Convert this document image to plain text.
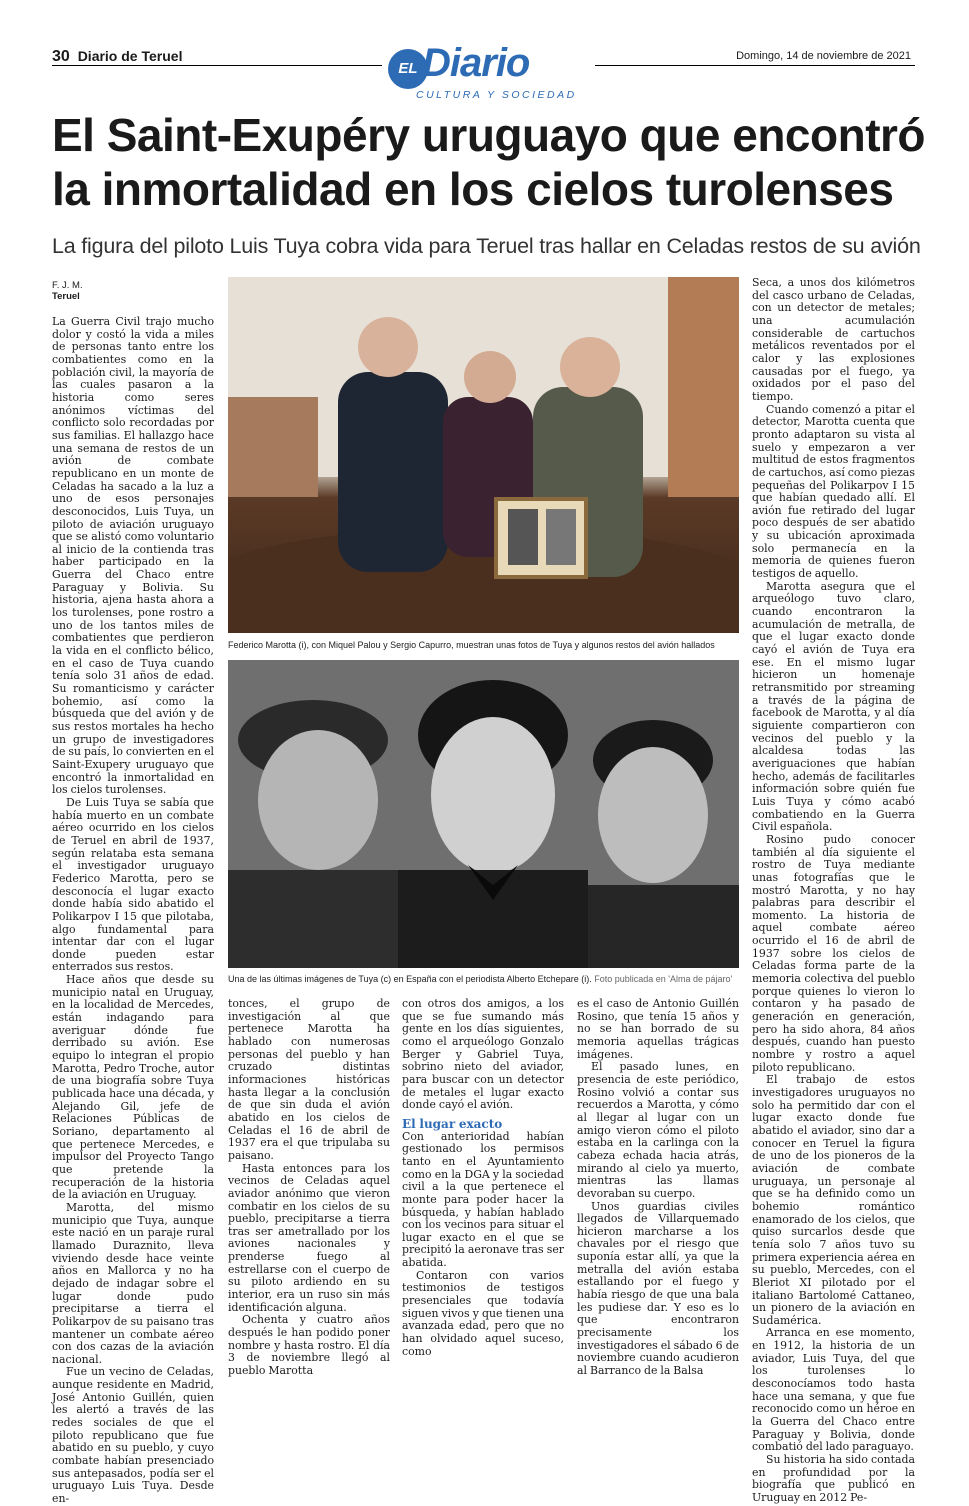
30 Diario de Teruel	Domingo, 14 de noviembre de 2021
EL Diario
CULTURA Y SOCIEDAD
El Saint-Exupéry uruguayo que encontró la inmortalidad en los cielos turolenses
La figura del piloto Luis Tuya cobra vida para Teruel tras hallar en Celadas restos de su avión
F. J. M.
Teruel

La Guerra Civil trajo mucho dolor y costó la vida a miles de personas tanto entre los combatientes como en la población civil, la mayoría de las cuales pasaron a la historia como seres anónimos víctimas del conflicto solo recordadas por sus familias. El hallazgo hace una semana de restos de un avión de combate republicano en un monte de Celadas ha sacado a la luz a uno de esos personajes desconocidos, Luis Tuya, un piloto de aviación uruguayo que se alistó como voluntario al inicio de la contienda tras haber participado en la Guerra del Chaco entre Paraguay y Bolivia. Su historia, ajena hasta ahora a los turolenses, pone rostro a uno de los tantos miles de combatientes que perdieron la vida en el conflicto bélico, en el caso de Tuya cuando tenía solo 31 años de edad. Su romanticismo y carácter bohemio, así como la búsqueda que del avión y de sus restos mortales ha hecho un grupo de investigadores de su país, lo convierten en el Saint-Exupery uruguayo que encontró la inmortalidad en los cielos turolenses.

De Luis Tuya se sabía que había muerto en un combate aéreo ocurrido en los cielos de Teruel en abril de 1937, según relataba esta semana el investigador uruguayo Federico Marotta, pero se desconocía el lugar exacto donde había sido abatido el Polikarpov I 15 que pilotaba, algo fundamental para intentar dar con el lugar donde pueden estar enterrados sus restos.

Hace años que desde su municipio natal en Uruguay, en la localidad de Mercedes, están indagando para averiguar dónde fue derribado su avión. Ese equipo lo integran el propio Marotta, Pedro Troche, autor de una biografía sobre Tuya publicada hace una década, y Alejando Gil, jefe de Relaciones Públicas de Soriano, departamento al que pertenece Mercedes, e impulsor del Proyecto Tango que pretende la recuperación de la historia de la aviación en Uruguay.

Marotta, del mismo municipio que Tuya, aunque este nació en un paraje rural llamado Duraznito, lleva viviendo desde hace veinte años en Mallorca y no ha dejado de indagar sobre el lugar donde pudo precipitarse a tierra el Polikarpov de su paisano tras mantener un combate aéreo con dos cazas de la aviación nacional.

Fue un vecino de Celadas, aunque residente en Madrid, José Antonio Guillén, quien les alertó a través de las redes sociales de que el piloto republicano que fue abatido en su pueblo, y cuyo combate habían presenciado sus antepasados, podía ser el uruguayo Luis Tuya. Desde en-

Federico Marotta (i), con Miquel Palou y Sergio Capurro, muestran unas fotos de Tuya y algunos restos del avión hallados
Una de las últimas imágenes de Tuya (c) en España con el periodista Alberto Etchepare (i). Foto publicada en 'Alma de pájaro'

tonces, el grupo de investigación al que pertenece Marotta ha hablado con numerosas personas del pueblo y han cruzado distintas informaciones históricas hasta llegar a la conclusión de que sin duda el avión abatido en los cielos de Celadas el 16 de abril de 1937 era el que tripulaba su paisano.

Hasta entonces para los vecinos de Celadas aquel aviador anónimo que vieron combatir en los cielos de su pueblo, precipitarse a tierra tras ser ametrallado por los aviones nacionales y prenderse fuego al estrellarse con el cuerpo de su piloto ardiendo en su interior, era un ruso sin más identificación alguna.

Ochenta y cuatro años después le han podido poner nombre y hasta rostro. El día 3 de noviembre llegó al pueblo Marotta

con otros dos amigos, a los que se fue sumando más gente en los días siguientes, como el arqueólogo Gonzalo Berger y Gabriel Tuya, sobrino nieto del aviador, para buscar con un detector de metales el lugar exacto donde cayó el avión.

El lugar exacto

Con anterioridad habían gestionado los permisos tanto en el Ayuntamiento como en la DGA y la sociedad civil a la que pertenece el monte para poder hacer la búsqueda, y habían hablado con los vecinos para situar el lugar exacto en el que se precipitó la aeronave tras ser abatida.

Contaron con varios testimonios de testigos presenciales que todavía siguen vivos y que tienen una avanzada edad, pero que no han olvidado aquel suceso, como

es el caso de Antonio Guillén Rosino, que tenía 15 años y no se han borrado de su memoria aquellas trágicas imágenes.

El pasado lunes, en presencia de este periódico, Rosino volvió a contar sus recuerdos a Marotta, y cómo al llegar al lugar con un amigo vieron cómo el piloto estaba en la carlinga con la cabeza echada hacia atrás, mirando al cielo ya muerto, mientras las llamas devoraban su cuerpo.

Unos guardias civiles llegados de Villarquemado hicieron marcharse a los chavales por el riesgo que suponía estar allí, ya que la metralla del avión estaba estallando por el fuego y había riesgo de que una bala les pudiese dar. Y eso es lo que encontraron precisamente los investigadores el sábado 6 de noviembre cuando acudieron al Barranco de la Balsa

Seca, a unos dos kilómetros del casco urbano de Celadas, con un detector de metales; una acumulación considerable de cartuchos metálicos reventados por el calor y las explosiones causadas por el fuego, ya oxidados por el paso del tiempo.

Cuando comenzó a pitar el detector, Marotta cuenta que pronto adaptaron su vista al suelo y empezaron a ver multitud de estos fragmentos de cartuchos, así como piezas pequeñas del Polikarpov I 15 que habían quedado allí. El avión fue retirado del lugar poco después de ser abatido y su ubicación aproximada solo permanecía en la memoria de quienes fueron testigos de aquello.

Marotta asegura que el arqueólogo tuvo claro, cuando encontraron la acumulación de metralla, de que el lugar exacto donde cayó el avión de Tuya era ese. En el mismo lugar hicieron un homenaje retransmitido por streaming a través de la página de facebook de Marotta, y al día siguiente compartieron con vecinos del pueblo y la alcaldesa todas las averiguaciones que habían hecho, además de facilitarles información sobre quién fue Luis Tuya y cómo acabó combatiendo en la Guerra Civil española.

Rosino pudo conocer también al día siguiente el rostro de Tuya mediante unas fotografías que le mostró Marotta, y no hay palabras para describir el momento. La historia de aquel combate aéreo ocurrido el 16 de abril de 1937 sobre los cielos de Celadas forma parte de la memoria colectiva del pueblo porque quienes lo vieron lo contaron y ha pasado de generación en generación, pero ha sido ahora, 84 años después, cuando han puesto nombre y rostro a aquel piloto republicano.

El trabajo de estos investigadores uruguayos no solo ha permitido dar con el lugar exacto donde fue abatido el aviador, sino dar a conocer en Teruel la figura de uno de los pioneros de la aviación de combate uruguaya, un personaje al que se ha definido como un bohemio romántico enamorado de los cielos, que quiso surcarlos desde que tenía solo 7 años tuvo su primera experiencia aérea en su pueblo, Mercedes, con el Bleriot XI pilotado por el italiano Bartolomé Cattaneo, un pionero de la aviación en Sudamérica.

Arranca en ese momento, en 1912, la historia de un aviador, Luis Tuya, del que los turolenses lo desconocíamos todo hasta hace una semana, y que fue reconocido como un héroe en la Guerra del Chaco entre Paraguay y Bolivia, donde combatió del lado paraguayo.

Su historia ha sido contada en profundidad por la biografía que publicó en Uruguay en 2012 Pe-
